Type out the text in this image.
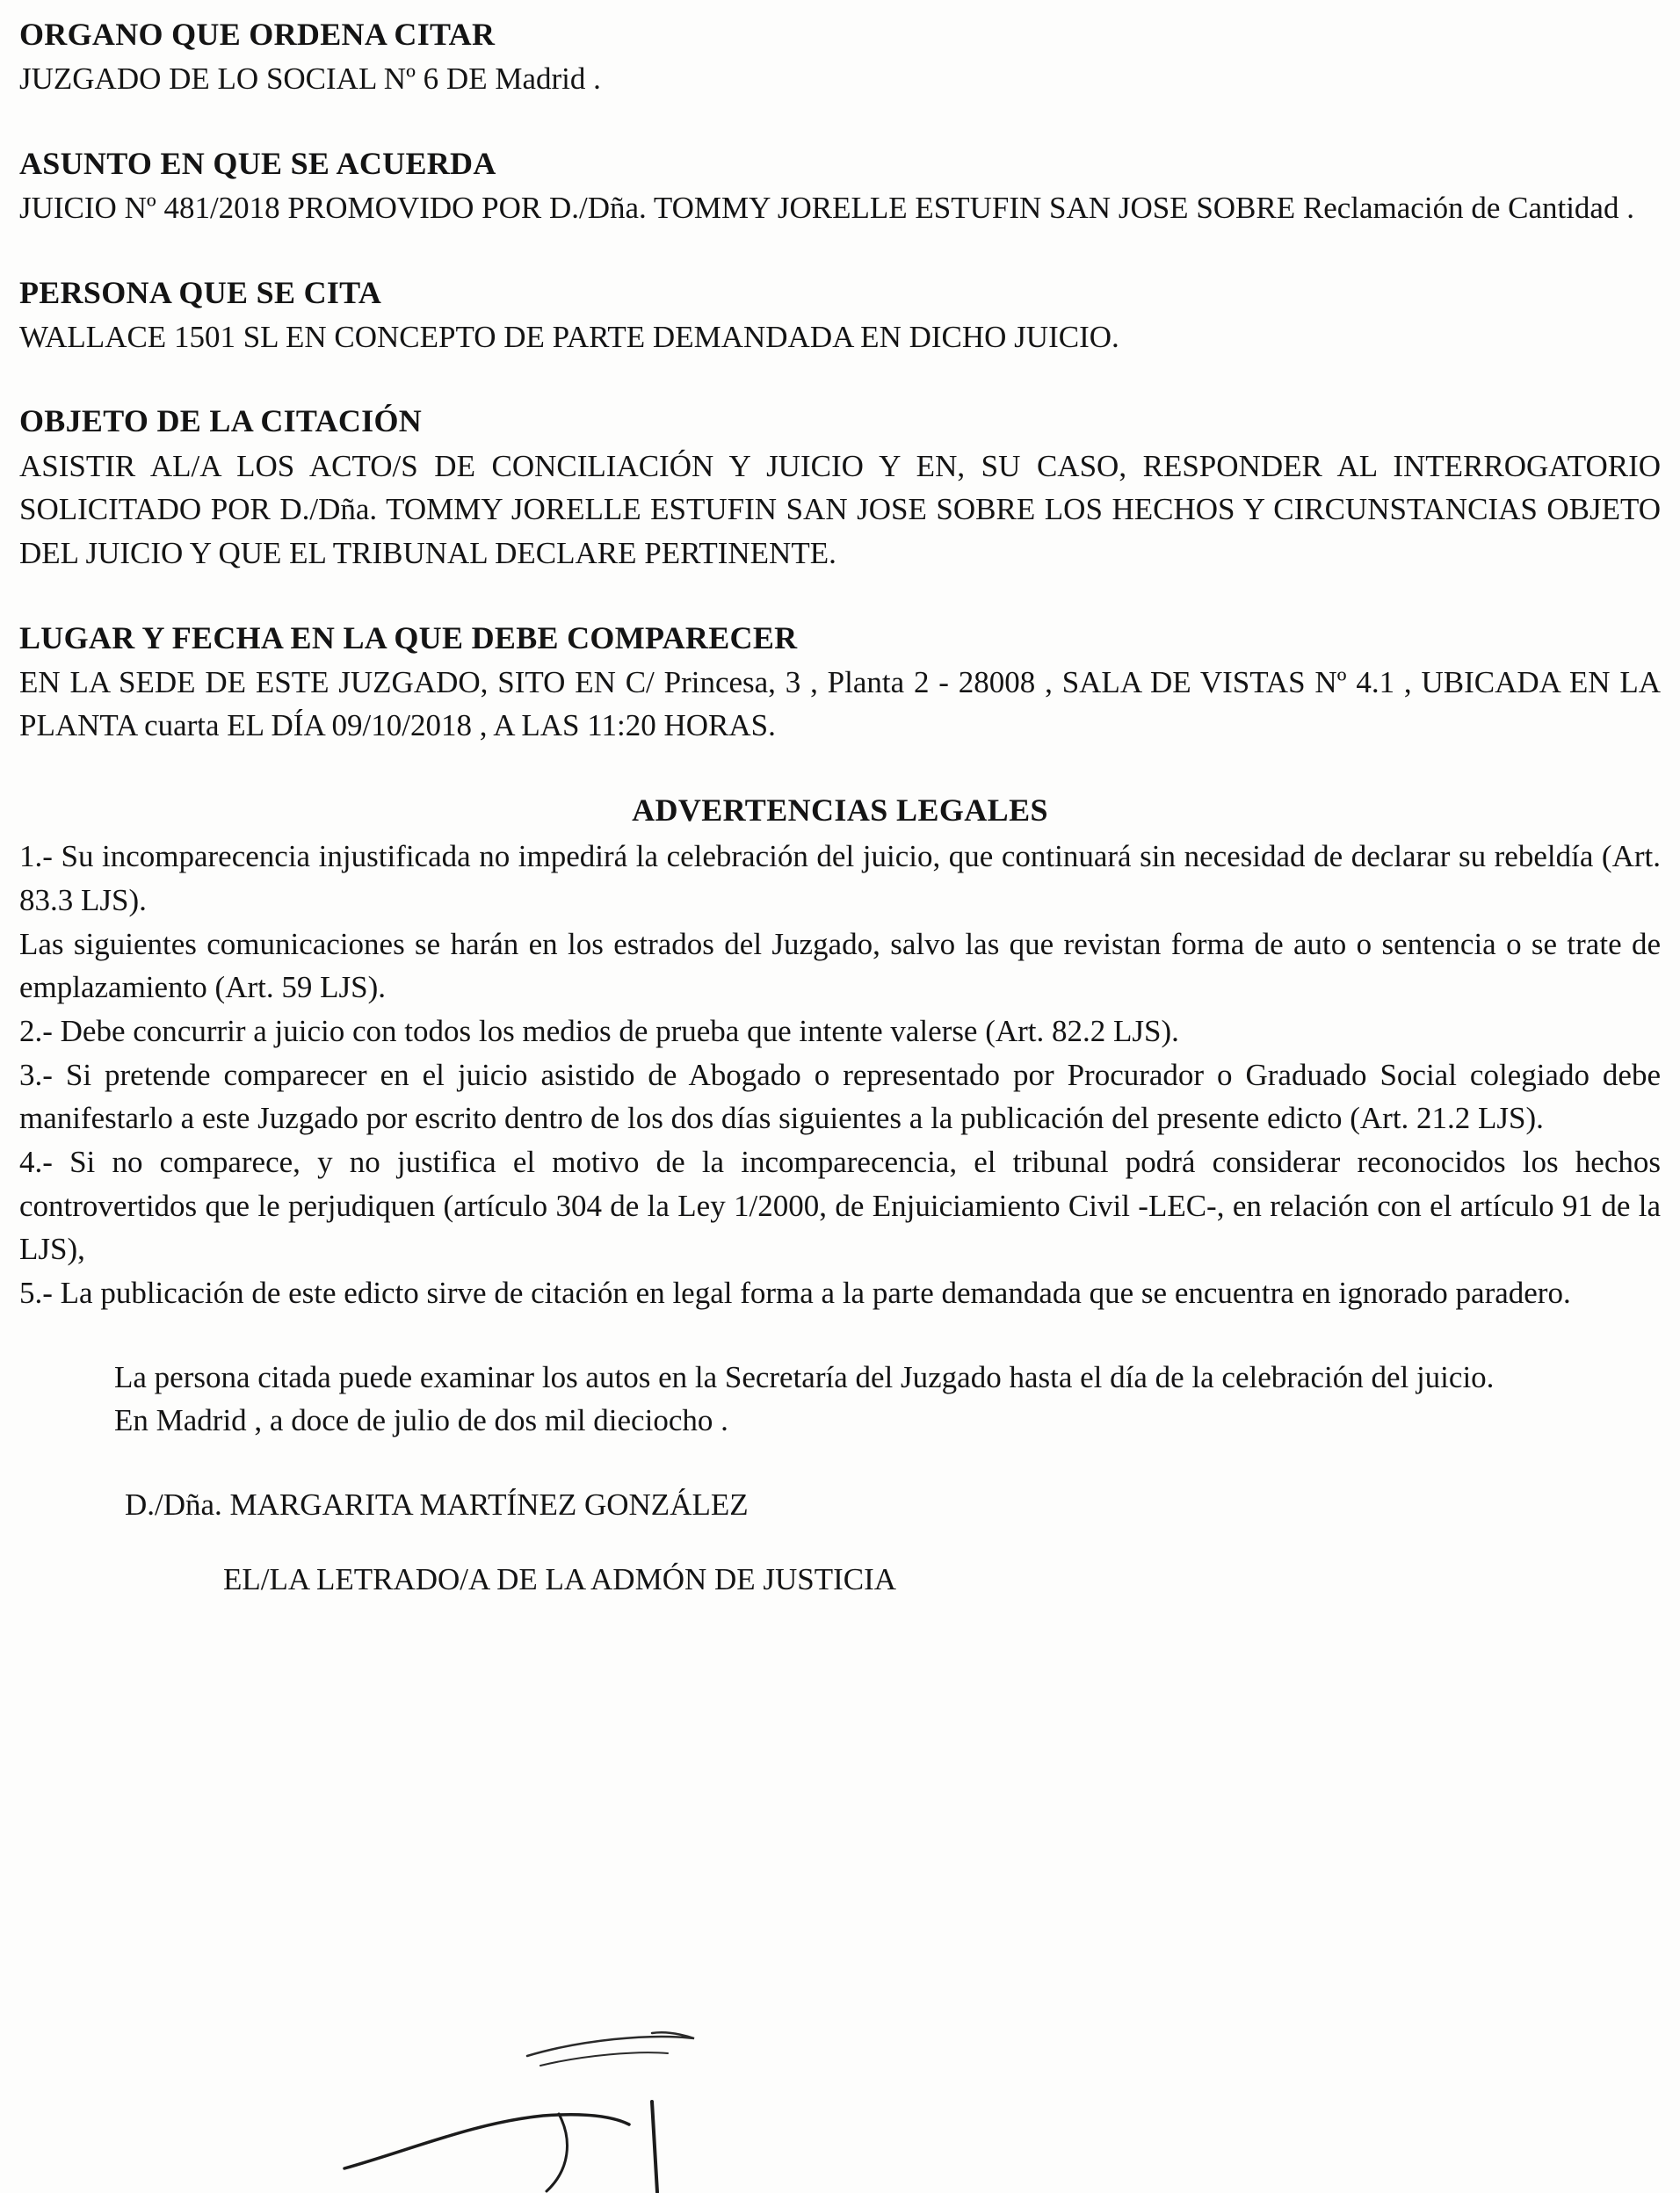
ORGANO QUE ORDENA CITAR

JUZGADO DE LO SOCIAL Nº 6 DE Madrid .

ASUNTO EN QUE SE ACUERDA

JUICIO Nº 481/2018 PROMOVIDO POR D./Dña. TOMMY JORELLE ESTUFIN SAN JOSE SOBRE Reclamación de Cantidad .

PERSONA QUE SE CITA

WALLACE 1501 SL EN CONCEPTO DE PARTE DEMANDADA EN DICHO JUICIO.

OBJETO DE LA CITACIÓN

ASISTIR AL/A LOS ACTO/S DE CONCILIACIÓN Y JUICIO Y EN, SU CASO, RESPONDER AL INTERROGATORIO SOLICITADO POR D./Dña. TOMMY JORELLE ESTUFIN SAN JOSE SOBRE LOS HECHOS Y CIRCUNSTANCIAS OBJETO DEL JUICIO Y QUE EL TRIBUNAL DECLARE PERTINENTE.

LUGAR Y FECHA EN LA QUE DEBE COMPARECER

EN LA SEDE DE ESTE JUZGADO, SITO EN C/ Princesa, 3 , Planta 2 - 28008 , SALA DE VISTAS Nº 4.1 , UBICADA EN LA PLANTA cuarta EL DÍA 09/10/2018 , A LAS 11:20 HORAS.

ADVERTENCIAS LEGALES

1.- Su incomparecencia injustificada no impedirá la celebración del juicio, que continuará sin necesidad de declarar su rebeldía (Art. 83.3 LJS).

Las siguientes comunicaciones se harán en los estrados del Juzgado, salvo las que revistan forma de auto o sentencia o se trate de emplazamiento (Art. 59 LJS).

2.- Debe concurrir a juicio con todos los medios de prueba que intente valerse (Art. 82.2 LJS).

3.- Si pretende comparecer en el juicio asistido de Abogado o representado por Procurador o Graduado Social colegiado debe manifestarlo a este Juzgado por escrito dentro de los dos días siguientes a la publicación del presente edicto (Art. 21.2 LJS).

4.- Si no comparece, y no justifica el motivo de la incomparecencia, el tribunal podrá considerar reconocidos los hechos controvertidos que le perjudiquen (artículo 304 de la Ley 1/2000, de Enjuiciamiento Civil -LEC-, en relación con el artículo 91 de la LJS),

5.- La publicación de este edicto sirve de citación en legal forma a la parte demandada que se encuentra en ignorado paradero.

La persona citada puede examinar los autos en la Secretaría del Juzgado hasta el día de la celebración del juicio.

En Madrid , a doce de julio de dos mil dieciocho .

D./Dña. MARGARITA MARTÍNEZ GONZÁLEZ

EL/LA LETRADO/A DE LA ADMÓN DE JUSTICIA
